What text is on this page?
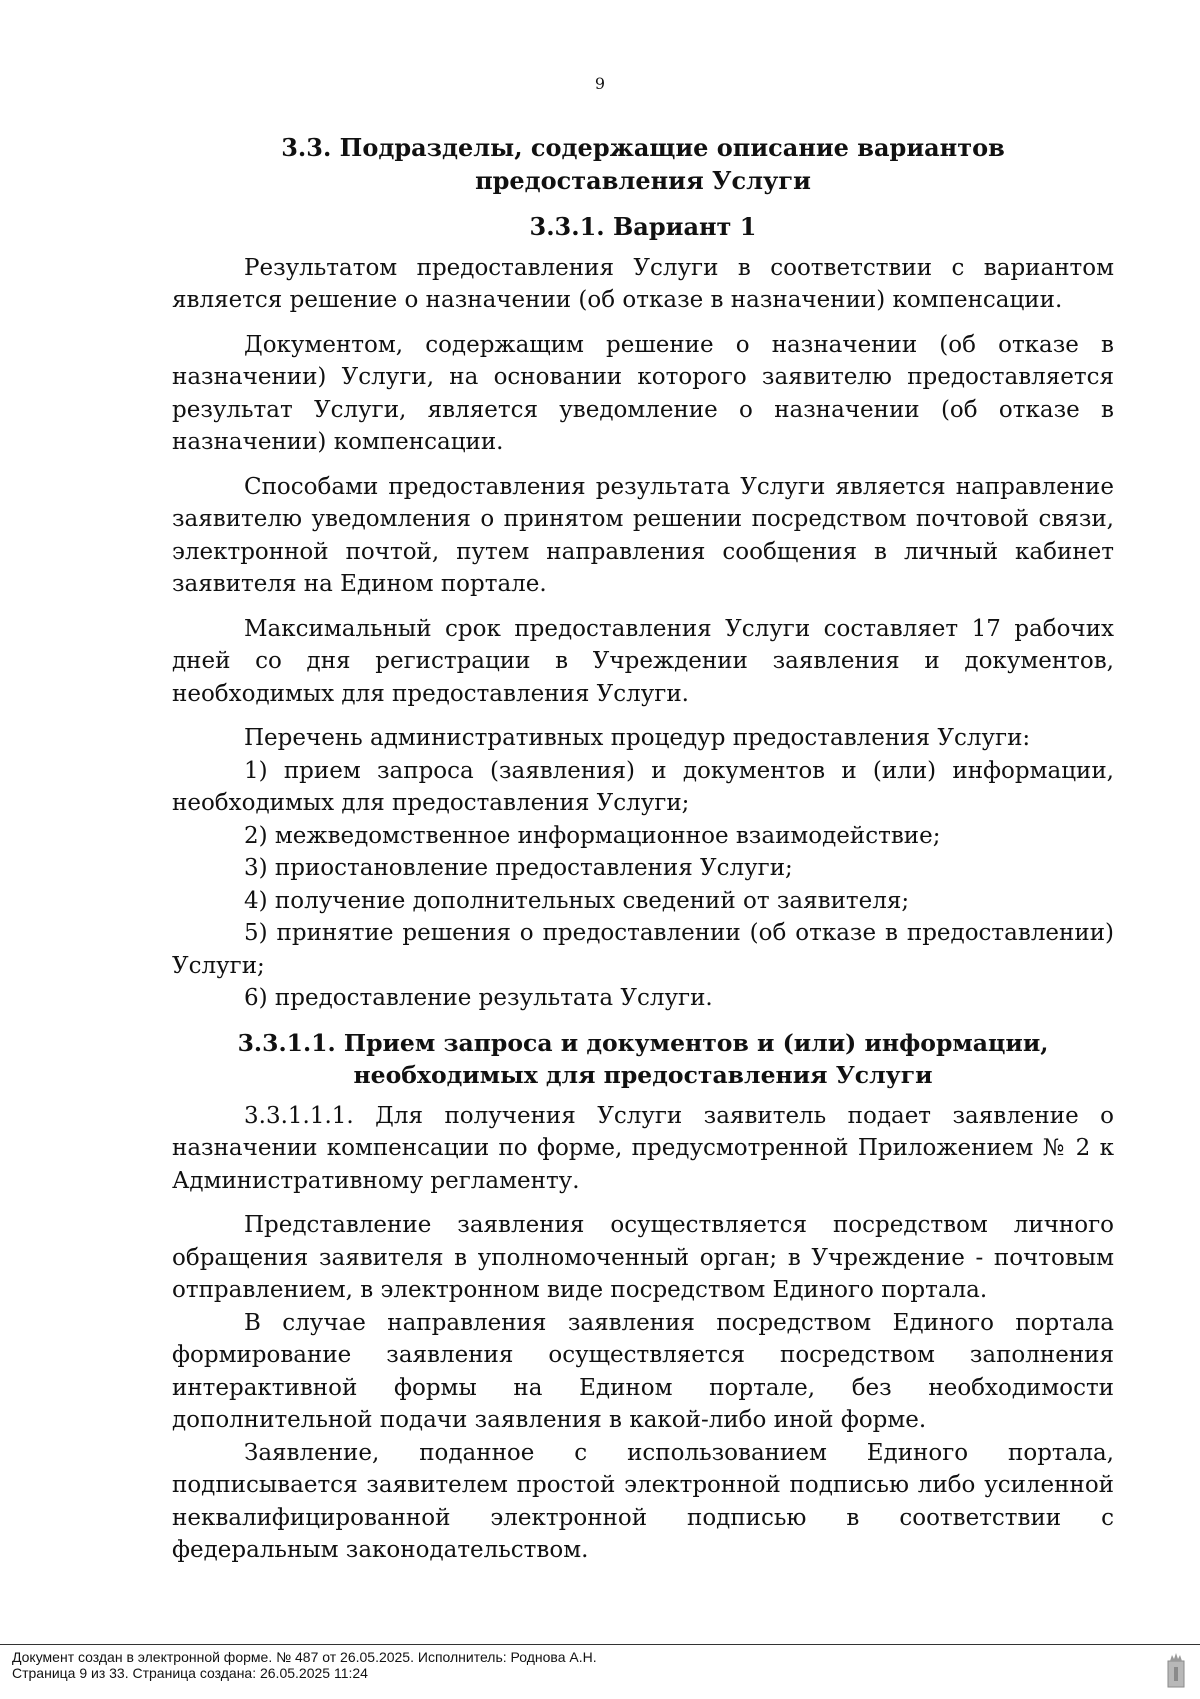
9
3.3. Подразделы, содержащие описание вариантов предоставления Услуги
3.3.1. Вариант 1

Результатом предоставления Услуги в соответствии с вариантом является решение о назначении (об отказе в назначении) компенсации.

Документом, содержащим решение о назначении (об отказе в назначении) Услуги, на основании которого заявителю предоставляется результат Услуги, является уведомление о назначении (об отказе в назначении) компенсации.

Способами предоставления результата Услуги является направление заявителю уведомления о принятом решении посредством почтовой связи, электронной почтой, путем направления сообщения в личный кабинет заявителя на Едином портале.

Максимальный срок предоставления Услуги составляет 17 рабочих дней со дня регистрации в Учреждении заявления и документов, необходимых для предоставления Услуги.

Перечень административных процедур предоставления Услуги:

1) прием запроса (заявления) и документов и (или) информации, необходимых для предоставления Услуги;

2) межведомственное информационное взаимодействие;

3) приостановление предоставления Услуги;

4) получение дополнительных сведений от заявителя;

5) принятие решения о предоставлении (об отказе в предоставлении) Услуги;

6) предоставление результата Услуги.

3.3.1.1. Прием запроса и документов и (или) информации, необходимых для предоставления Услуги

3.3.1.1.1. Для получения Услуги заявитель подает заявление о назначении компенсации по форме, предусмотренной Приложением № 2 к Административному регламенту.

Представление заявления осуществляется посредством личного обращения заявителя в уполномоченный орган; в Учреждение - почтовым отправлением, в электронном виде посредством Единого портала.

В случае направления заявления посредством Единого портала формирование заявления осуществляется посредством заполнения интерактивной формы на Едином портале, без необходимости дополнительной подачи заявления в какой-либо иной форме.

Заявление, поданное с использованием Единого портала, подписывается заявителем простой электронной подписью либо усиленной неквалифицированной электронной подписью в соответствии с федеральным законодательством.

Документ создан в электронной форме. № 487 от 26.05.2025. Исполнитель: Роднова А.Н.
Страница 9 из 33. Страница создана: 26.05.2025 11:24
